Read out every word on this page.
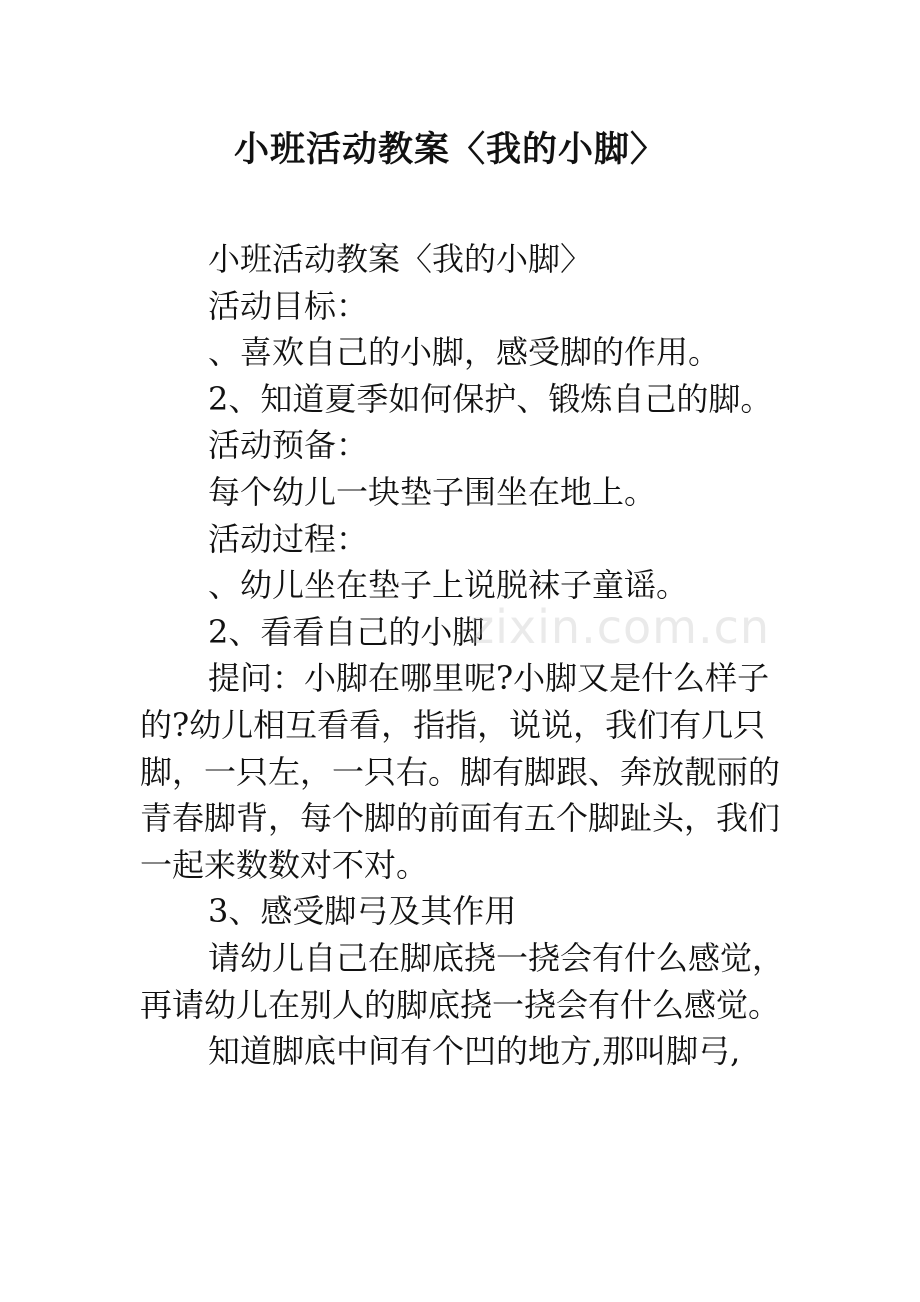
小班活动教案〈我的小脚〉

小班活动教案〈我的小脚〉

活动目标：

、喜欢自己的小脚，感受脚的作用。

2、知道夏季如何保护、锻炼自己的脚。

活动预备：

每个幼儿一块垫子围坐在地上。

活动过程：

、幼儿坐在垫子上说脱袜子童谣。

2、看看自己的小脚

提问：小脚在哪里呢?小脚又是什么样子的?幼儿相互看看，指指，说说，我们有几只脚，一只左，一只右。脚有脚跟、奔放靓丽的青春脚背，每个脚的前面有五个脚趾头，我们一起来数数对不对。

3、感受脚弓及其作用

请幼儿自己在脚底挠一挠会有什么感觉，再请幼儿在别人的脚底挠一挠会有什么感觉。

知道脚底中间有个凹的地方,那叫脚弓,

zixin.com.cn
